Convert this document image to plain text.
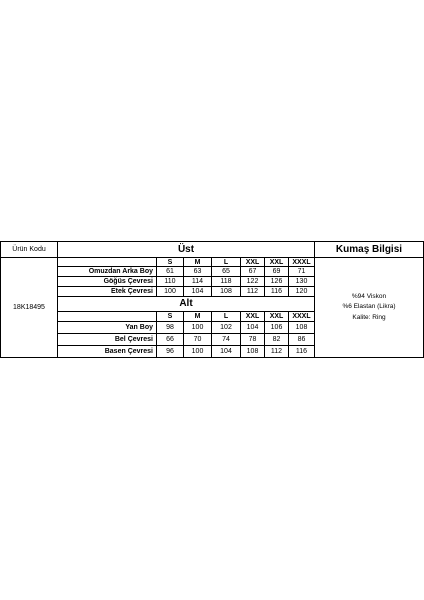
Ürün Kodu	Üst	Kumaş Bilgisi
18K18495
%94 Viskon
%6 Elastan (Likra)
Kalite: Ring
S	M	L	XXL	XXL	XXXL
Omuzdan Arka Boy	61	63	65	67	69	71
Göğüs Çevresi	110	114	118	122	126	130
Etek Çevresi	100	104	108	112	116	120
Alt
S	M	L	XXL	XXL	XXXL
Yan Boy	98	100	102	104	106	108
Bel Çevresi	66	70	74	78	82	86
Basen Çevresi	96	100	104	108	112	116
